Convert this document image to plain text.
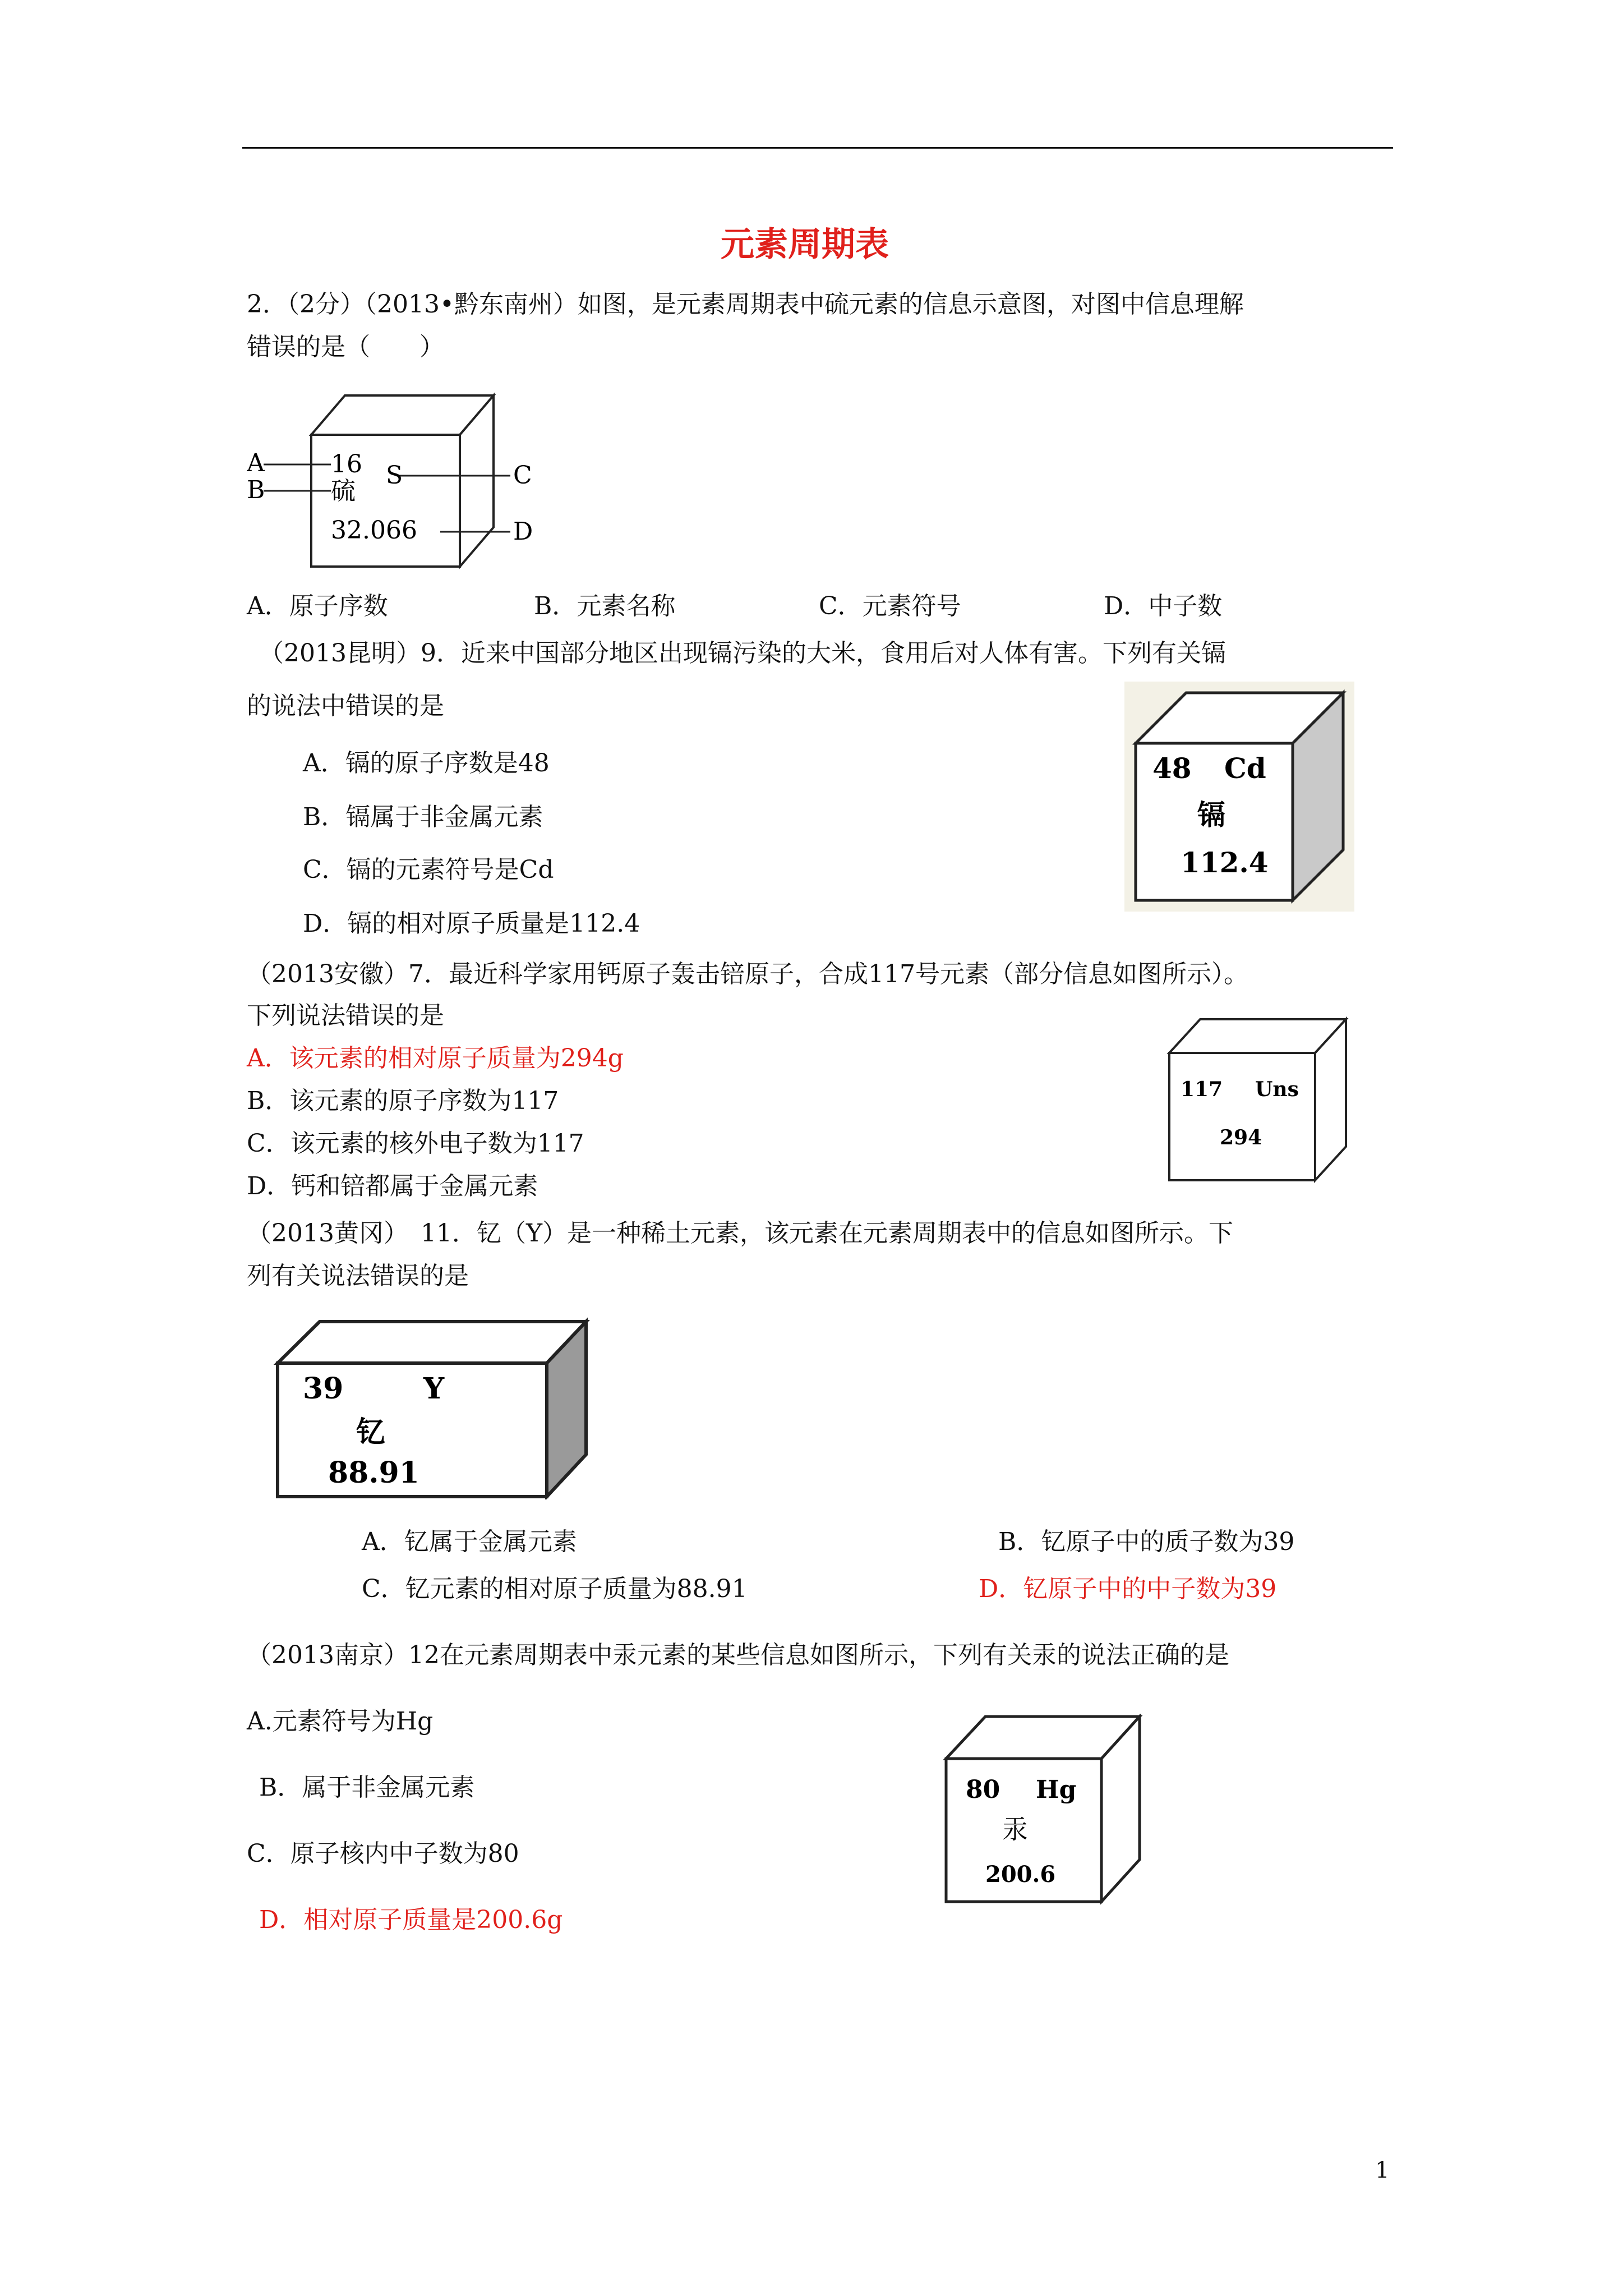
元素周期表
2．（2分）（2013•黔东南州）如图，是元素周期表中硫元素的信息示意图，对图中信息理解
错误的是（　　）
A
B
C
D
16
硫
S
32.066
A．原子序数	B．元素名称	C．元素符号	D．中子数
（2013昆明）9．近来中国部分地区出现镉污染的大米，食用后对人体有害。下列有关镉
的说法中错误的是
A．镉的原子序数是48
B．镉属于非金属元素
C．镉的元素符号是Cd
D．镉的相对原子质量是112.4
48 Cd
镉
112.4
（2013安徽）7．最近科学家用钙原子轰击锫原子，合成117号元素（部分信息如图所示）。
下列说法错误的是
A．该元素的相对原子质量为294g
B．该元素的原子序数为117
C．该元素的核外电子数为117
D．钙和锫都属于金属元素
117 Uns
294
（2013黄冈）　11．钇（Y）是一种稀土元素，该元素在元素周期表中的信息如图所示。下
列有关说法错误的是
39	Y
钇
88.91
A．钇属于金属元素	B．钇原子中的质子数为39
C．钇元素的相对原子质量为88.91	D．钇原子中的中子数为39
（2013南京）12在元素周期表中汞元素的某些信息如图所示，下列有关汞的说法正确的是
A.元素符号为Hg
B．属于非金属元素
C．原子核内中子数为80
D．相对原子质量是200.6g
80 Hg
汞
200.6
1
